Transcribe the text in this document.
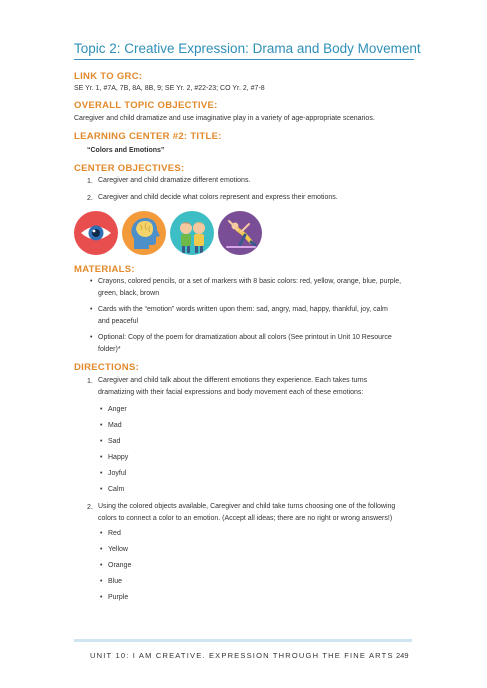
Topic 2: Creative Expression: Drama and Body Movement
LINK TO GRC:
SE Yr. 1, #7A, 7B, 8A, 8B, 9; SE Yr. 2, #22-23; CO Yr. 2, #7-8
OVERALL TOPIC OBJECTIVE:
Caregiver and child dramatize and use imaginative play in a variety of age-appropriate scenarios.
LEARNING CENTER #2: TITLE:
“Colors and Emotions”
CENTER OBJECTIVES:
1. Caregiver and child dramatize different emotions.
2. Caregiver and child decide what colors represent and express their emotions.
MATERIALS:
• Crayons, colored pencils, or a set of markers with 8 basic colors: red, yellow, orange, blue, purple,
green, black, brown
• Cards with the “emotion” words written upon them: sad, angry, mad, happy, thankful, joy, calm
and peaceful
• Optional: Copy of the poem for dramatization about all colors (See printout in Unit 10 Resource
folder)*
DIRECTIONS:
1. Caregiver and child talk about the different emotions they experience. Each takes turns
dramatizing with their facial expressions and body movement each of these emotions:
• Anger
• Mad
• Sad
• Happy
• Joyful
• Calm
2. Using the colored objects available, Caregiver and child take turns choosing one of the following
colors to connect a color to an emotion. (Accept all ideas; there are no right or wrong answers!)
• Red
• Yellow
• Orange
• Blue
• Purple
UNIT 10: I AM CREATIVE. EXPRESSION THROUGH THE FINE ARTS 249
